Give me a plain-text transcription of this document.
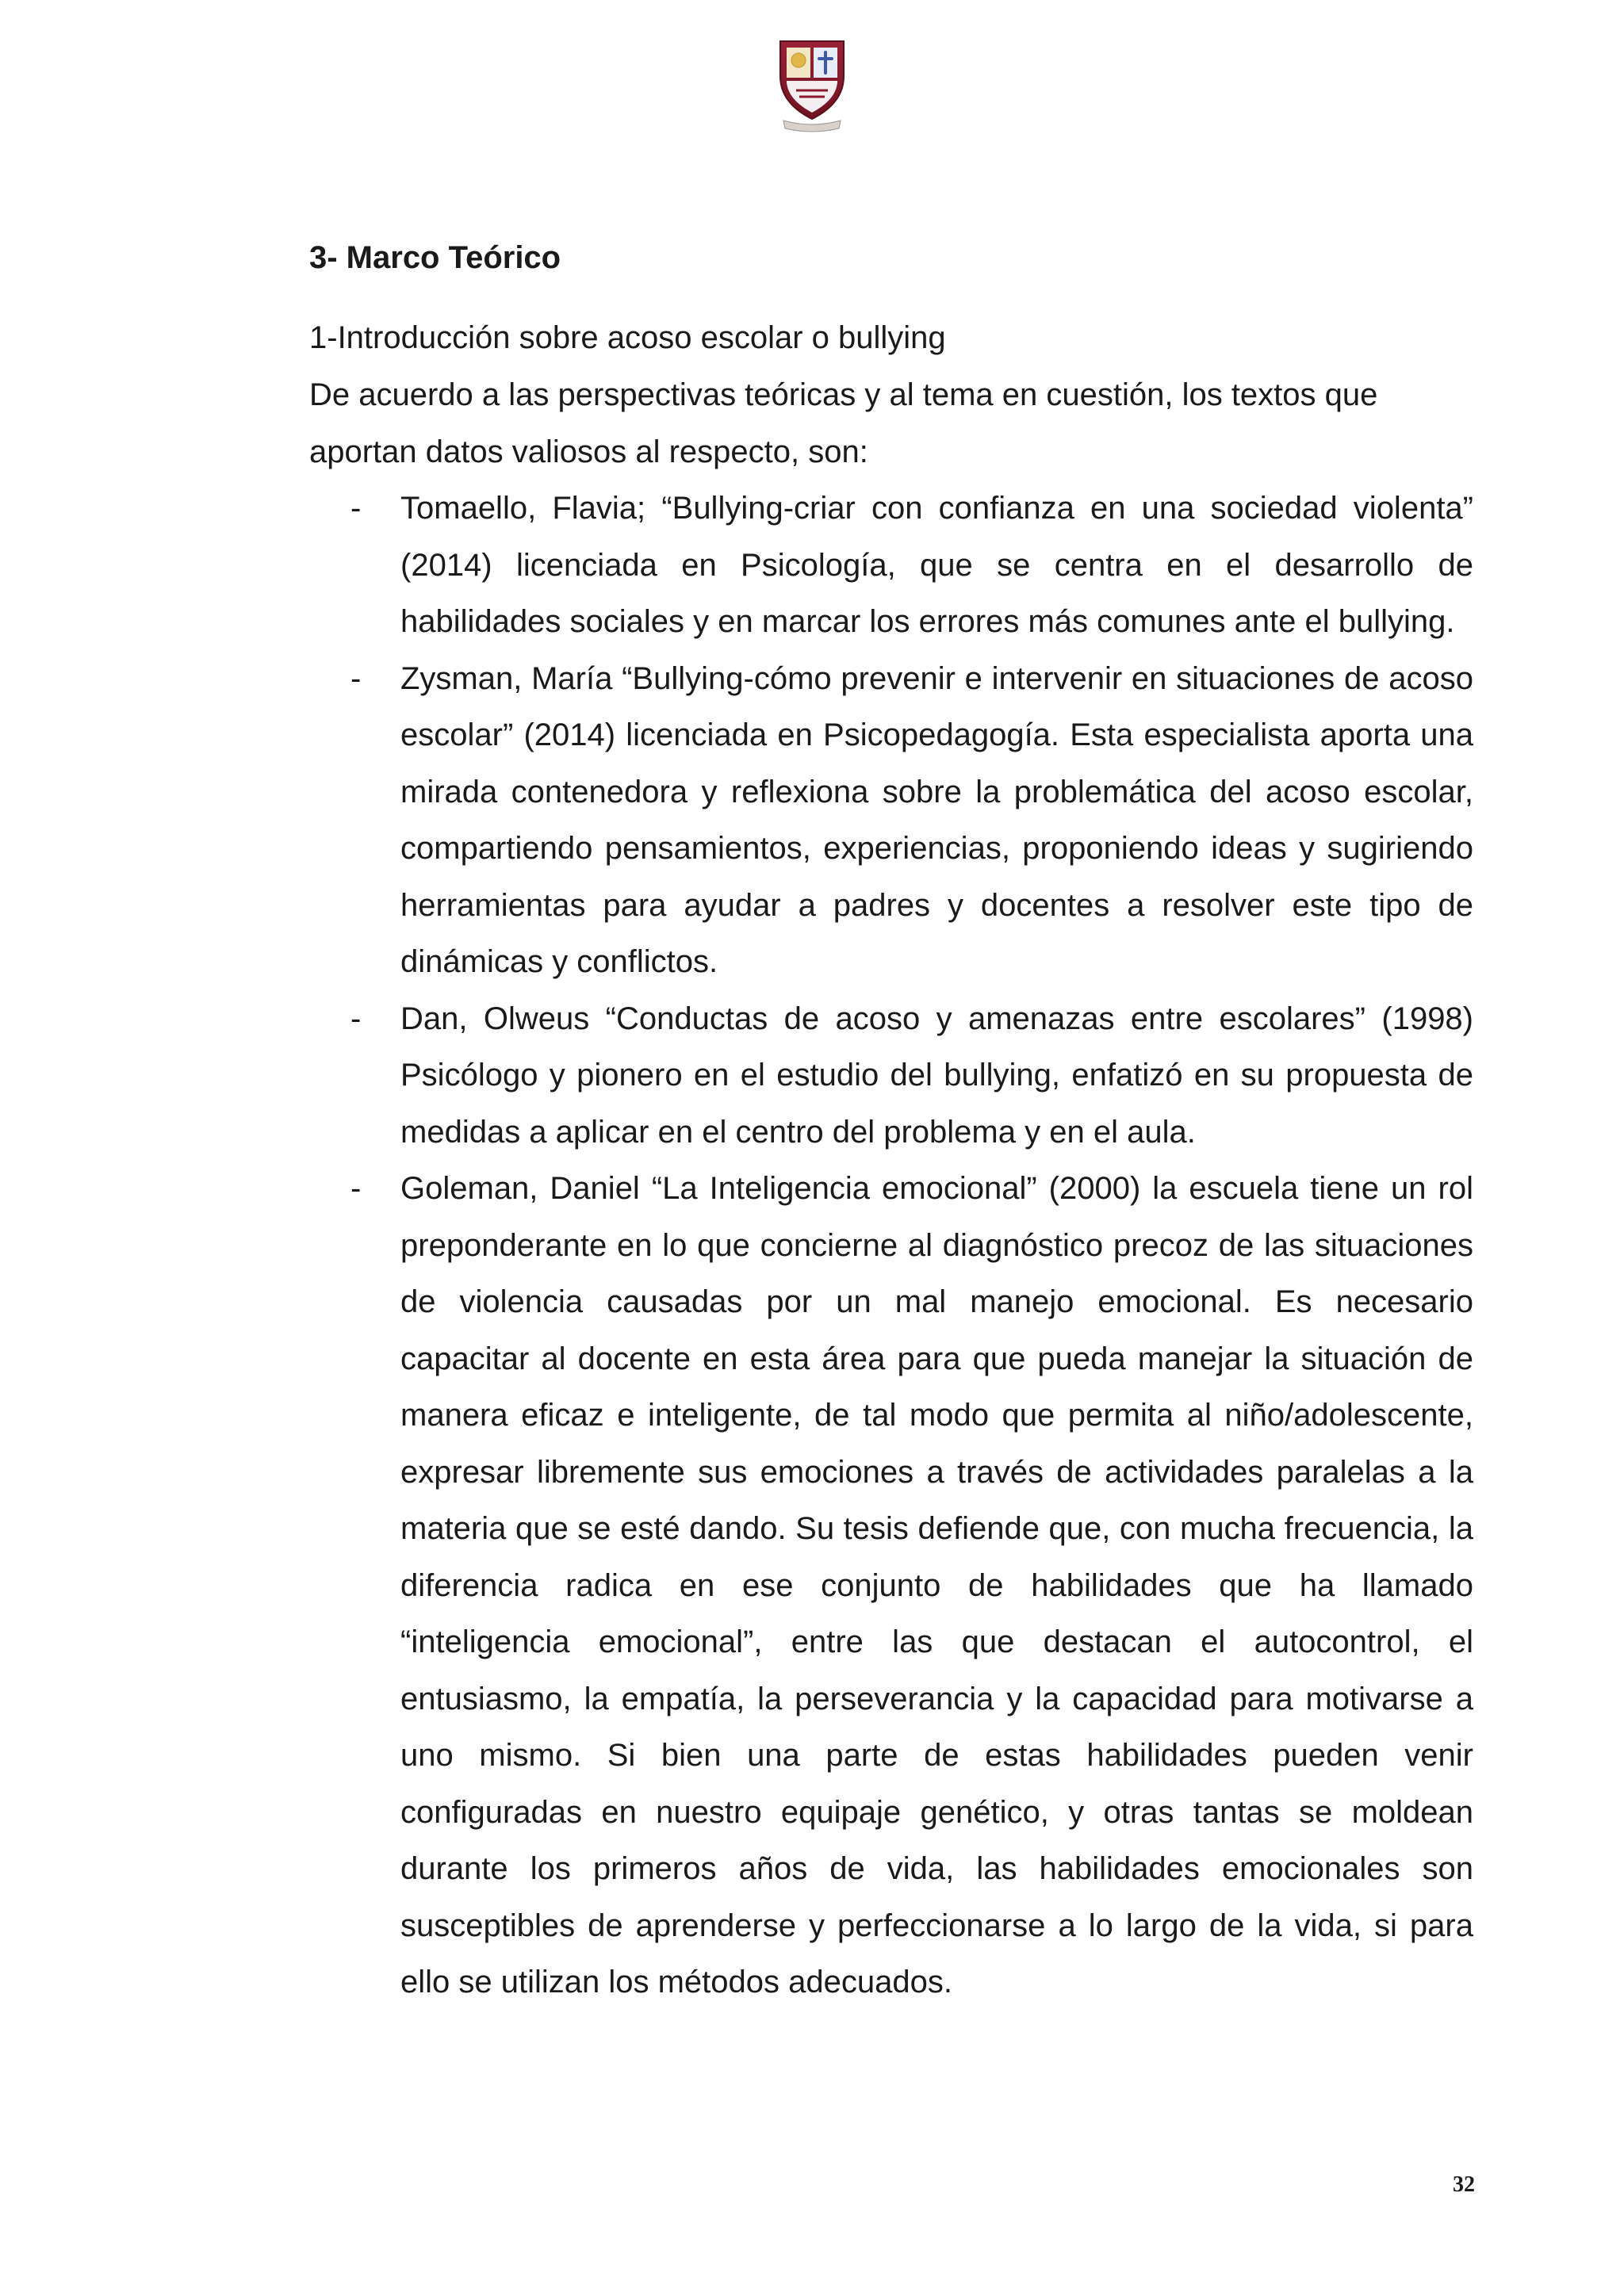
3- Marco Teórico
1-Introducción sobre acoso escolar o bullying
De acuerdo a las perspectivas teóricas y al tema en cuestión, los textos que aportan datos valiosos al respecto, son:
- Tomaello, Flavia; “Bullying-criar con confianza en una sociedad violenta” (2014) licenciada en Psicología, que se centra en el desarrollo de habilidades sociales y en marcar los errores más comunes ante el bullying.
- Zysman, María “Bullying-cómo prevenir e intervenir en situaciones de acoso escolar” (2014) licenciada en Psicopedagogía. Esta especialista aporta una mirada contenedora y reflexiona sobre la problemática del acoso escolar, compartiendo pensamientos, experiencias, proponiendo ideas y sugiriendo herramientas para ayudar a padres y docentes a resolver este tipo de dinámicas y conflictos.
- Dan, Olweus “Conductas de acoso y amenazas entre escolares” (1998) Psicólogo y pionero en el estudio del bullying, enfatizó en su propuesta de medidas a aplicar en el centro del problema y en el aula.
- Goleman, Daniel “La Inteligencia emocional” (2000) la escuela tiene un rol preponderante en lo que concierne al diagnóstico precoz de las situaciones de violencia causadas por un mal manejo emocional. Es necesario capacitar al docente en esta área para que pueda manejar la situación de manera eficaz e inteligente, de tal modo que permita al niño/adolescente, expresar libremente sus emociones a través de actividades paralelas a la materia que se esté dando. Su tesis defiende que, con mucha frecuencia, la diferencia radica en ese conjunto de habilidades que ha llamado “inteligencia emocional”, entre las que destacan el autocontrol, el entusiasmo, la empatía, la perseverancia y la capacidad para motivarse a uno mismo. Si bien una parte de estas habilidades pueden venir configuradas en nuestro equipaje genético, y otras tantas se moldean durante los primeros años de vida, las habilidades emocionales son susceptibles de aprenderse y perfeccionarse a lo largo de la vida, si para ello se utilizan los métodos adecuados.
32
